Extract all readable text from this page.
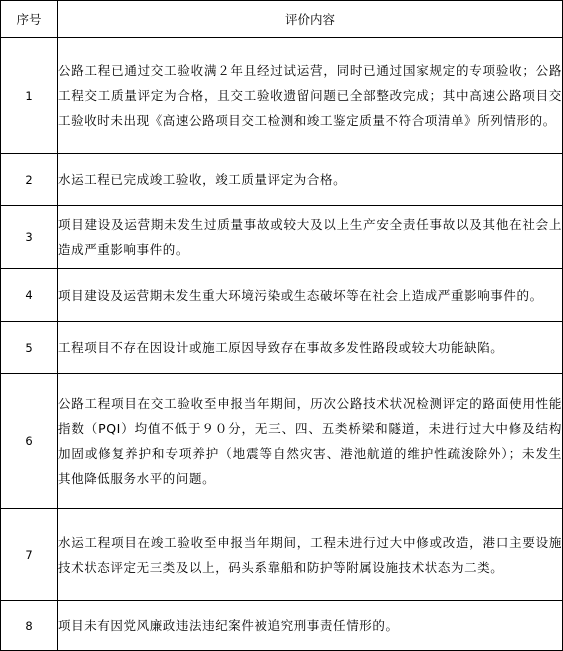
序号	评价内容
1	公路工程已通过交工验收满２年且经过试运营，同时已通过国家规定的专项验收；公路工程交工质量评定为合格，且交工验收遗留问题已全部整改完成；其中高速公路项目交工验收时未出现《高速公路项目交工检测和竣工鉴定质量不符合项清单》所列情形的。
2	水运工程已完成竣工验收，竣工质量评定为合格。
3	项目建设及运营期未发生过质量事故或较大及以上生产安全责任事故以及其他在社会上造成严重影响事件的。
4	项目建设及运营期未发生重大环境污染或生态破坏等在社会上造成严重影响事件的。
5	工程项目不存在因设计或施工原因导致存在事故多发性路段或较大功能缺陷。
6	公路工程项目在交工验收至申报当年期间，历次公路技术状况检测评定的路面使用性能指数（PQI）均值不低于９０分，无三、四、五类桥梁和隧道，未进行过大中修及结构加固或修复养护和专项养护（地震等自然灾害、港池航道的维护性疏浚除外）；未发生其他降低服务水平的问题。
7	水运工程项目在竣工验收至申报当年期间，工程未进行过大中修或改造，港口主要设施技术状态评定无三类及以上，码头系靠船和防护等附属设施技术状态为二类。
8	项目未有因党风廉政违法违纪案件被追究刑事责任情形的。
